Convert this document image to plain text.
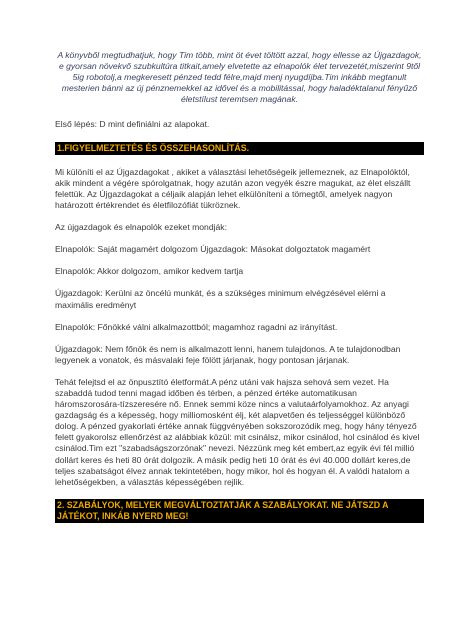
A könyvből megtudhatjuk, hogy Tim több, mint öt évet töltött azzal, hogy ellesse az Újgazdagok, e gyorsan növekvő szubkultúra titkait,amely elvetette az elnapolók élet tervezetét,miszerint 9től 5ig robotolj,a megkeresett pénzed tedd félre,majd menj nyugdíjba.Tim inkább megtanult mesterien bánni az új pénznemekkel az idővel és a mobilitással, hogy haladéktalanul fényűző életstílust teremtsen magának.

Első lépés: D mint definiálni az alapokat.

1.FIGYELMEZTETÉS ÉS ÖSSZEHASONLÍTÁS.

Mi különíti el az Újgazdagokat , akiket a választási lehetőségeik jellemeznek, az Elnapolóktól, akik mindent a végére spórolgatnak, hogy azután azon vegyék észre magukat, az élet elszállt felettük. Az Újgazdagokat a céljaik alapján lehet elkülöníteni a tömegtől, amelyek nagyon határozott értékrendet és életfilozófiát tükröznek.

Az újgazdagok és elnapolók ezeket mondják:

Elnapolók: Saját magamért dolgozom Újgazdagok: Másokat dolgoztatok magamért

Elnapolók: Akkor dolgozom, amikor kedvem tartja

Újgazdagok: Kerülni az öncélú munkát, és a szükséges minimum elvégzésével elérni a maximális eredményt

Elnapolók: Főnökké válni alkalmazottból; magamhoz ragadni az irányítást.

Újgazdagok: Nem főnök és nem is alkalmazott lenni, hanem tulajdonos. A te tulajdonodban legyenek a vonatok, és másvalaki feje fölött járjanak, hogy pontosan járjanak.

Tehát felejtsd el az önpusztító életformát.A pénz utáni vak hajsza sehová sem vezet. Ha szabaddá tudod tenni magad időben és térben, a pénzed értéke automatikusan háromszorosára-tízszeresére nő. Ennek semmi köze nincs a valutaárfolyamokhoz. Az anyagi gazdagság és a képesség, hogy milliomosként élj, két alapvetően és teljességgel különböző dolog. A pénzed gyakorlati értéke annak függvényében sokszorozódik meg, hogy hány tényező felett gyakorolsz ellenőrzést az alábbiak közül: mit csinálsz, mikor csinálod, hol csinálod és kivel csinálod.Tim ezt "szabadságszorzónak" nevezi. Nézzünk meg két embert,az egyik évi fél millió dollárt keres és heti 80 órát dolgozik. A másik pedig heti 10 órát és évi 40.000 dollárt keres,de teljes szabatságot élvez annak tekintetében, hogy mikor, hol és hogyan él. A valódi hatalom a lehetőségekben, a választás képességében rejlik.

2. SZABÁLYOK, MELYEK MEGVÁLTOZTATJÁK A SZABÁLYOKAT. NE JÁTSZD A JÁTÉKOT, INKÁB NYERD MEG!
